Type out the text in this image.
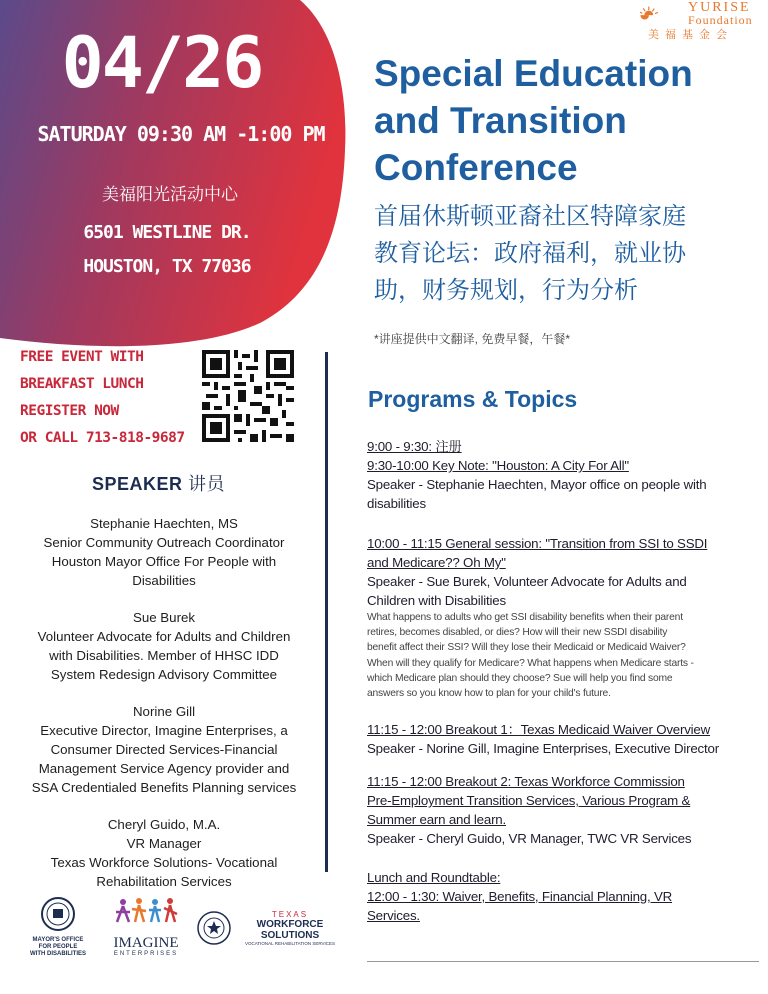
04/26
SATURDAY 09:30 AM -1:00 PM
美福阳光活动中心
6501 WESTLINE DR.
HOUSTON, TX 77036
YURISE
Foundation
美福基金会
Special Education
and Transition
Conference
首届休斯顿亚裔社区特障家庭
教育论坛：政府福利，就业协
助，财务规划，行为分析
*讲座提供中文翻译, 免费早餐，午餐*
FREE EVENT WITH
BREAKFAST LUNCH
REGISTER NOW
OR CALL 713-818-9687
SPEAKER 讲员
Stephanie Haechten, MS
Senior Community Outreach Coordinator
Houston Mayor Office For People with
Disabilities
Sue Burek
Volunteer Advocate for Adults and Children
with Disabilities. Member of HHSC IDD
System Redesign Advisory Committee
Norine Gill
Executive Director, Imagine Enterprises, a
Consumer Directed Services-Financial
Management Service Agency provider and
SSA Credentialed Benefits Planning services
Cheryl Guido, M.A.
VR Manager
Texas Workforce Solutions- Vocational
Rehabilitation Services
Programs & Topics
9:00 - 9:30: 注册
9:30-10:00 Key Note: "Houston: A City For All"
Speaker - Stephanie Haechten, Mayor office on people with
disabilities
10:00 - 11:15 General session: "Transition from SSI to SSDI
and Medicare?? Oh My"
Speaker - Sue Burek, Volunteer Advocate for Adults and
Children with Disabilities
What happens to adults who get SSI disability benefits when their parent
retires, becomes disabled, or dies? How will their new SSDI disability
benefit affect their SSI? Will they lose their Medicaid or Medicaid Waiver?
When will they qualify for Medicare? What happens when Medicare starts -
which Medicare plan should they choose? Sue will help you find some
answers so you know how to plan for your child's future.
11:15 - 12:00 Breakout 1：Texas Medicaid Waiver Overview
Speaker - Norine Gill, Imagine Enterprises, Executive Director
11:15 - 12:00 Breakout 2: Texas Workforce Commission
Pre-Employment Transition Services, Various Program &
Summer earn and learn.
Speaker - Cheryl Guido, VR Manager, TWC VR Services
Lunch and Roundtable:
12:00 - 1:30: Waiver, Benefits, Financial Planning, VR
Services.
MAYOR'S OFFICE
FOR PEOPLE
WITH DISABILITIES
IMAGINE
ENTERPRISES
TEXAS
WORKFORCE SOLUTIONS
VOCATIONAL REHABILITATION SERVICES
